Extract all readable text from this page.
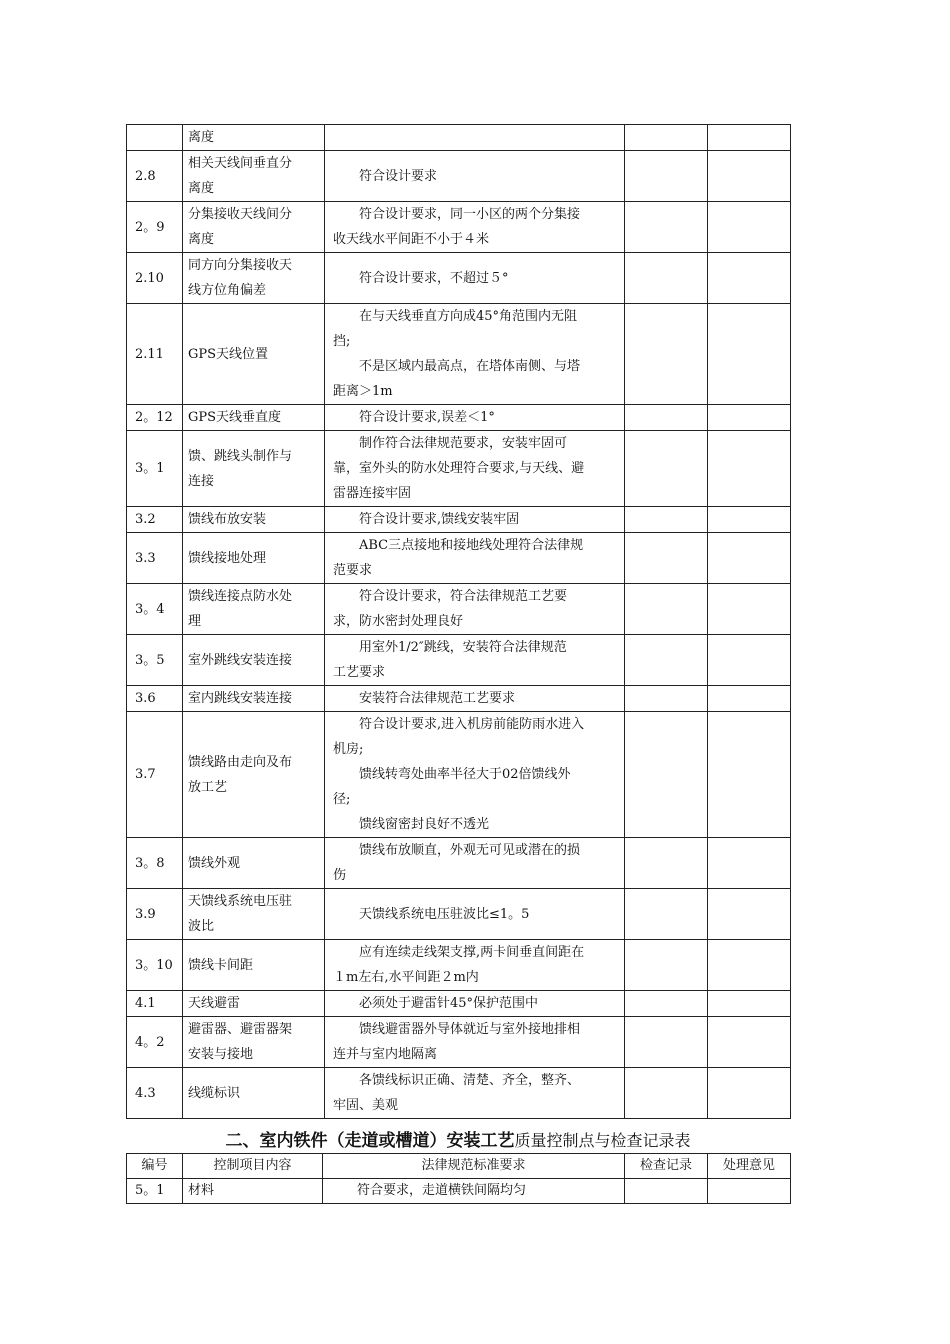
	离度			

2.8	相关天线间垂直分
离度	符合设计要求		

2。9	分集接收天线间分
离度	符合设计要求，同一小区的两个分集接
收天线水平间距不小于４米		

2.10	同方向分集接收天
线方位角偏差	符合设计要求，不超过５°		

2.11	GPS天线位置	在与天线垂直方向成45°角范围内无阻
挡;
不是区域内最高点，在塔体南侧、与塔
距离＞1m		

2。12	GPS天线垂直度	符合设计要求,误差＜1°		

3。1	馈、跳线头制作与
连接	制作符合法律规范要求，安装牢固可
靠，室外头的防水处理符合要求,与天线、避
雷器连接牢固		

3.2	馈线布放安装	符合设计要求,馈线安装牢固		

3.3	馈线接地处理	ABC三点接地和接地线处理符合法律规
范要求		

3。4	馈线连接点防水处
理	符合设计要求，符合法律规范工艺要
求，防水密封处理良好		

3。5	室外跳线安装连接	用室外1/2″跳线，安装符合法律规范
工艺要求		

3.6	室内跳线安装连接	安装符合法律规范工艺要求		

3.7	馈线路由走向及布
放工艺	符合设计要求,进入机房前能防雨水进入
机房;
馈线转弯处曲率半径大于02倍馈线外
径;
馈线窗密封良好不透光		

3。8	馈线外观	馈线布放顺直，外观无可见或潜在的损
伤		

3.9	天馈线系统电压驻
波比	天馈线系统电压驻波比≤1。5		

3。10	馈线卡间距	应有连续走线架支撑,两卡间垂直间距在
１m左右,水平间距２m内		

4.1	天线避雷	必须处于避雷针45°保护范围中		

4。2	避雷器、避雷器架
安装与接地	馈线避雷器外导体就近与室外接地排相
连并与室内地隔离		

4.3	线缆标识	各馈线标识正确、清楚、齐全，整齐、
牢固、美观		

二、室内铁件（走道或槽道）安装工艺质量控制点与检查记录表
编号	控制项目内容	法律规范标准要求	检查记录	处理意见
5。1	材料	符合要求，走道横铁间隔均匀		
